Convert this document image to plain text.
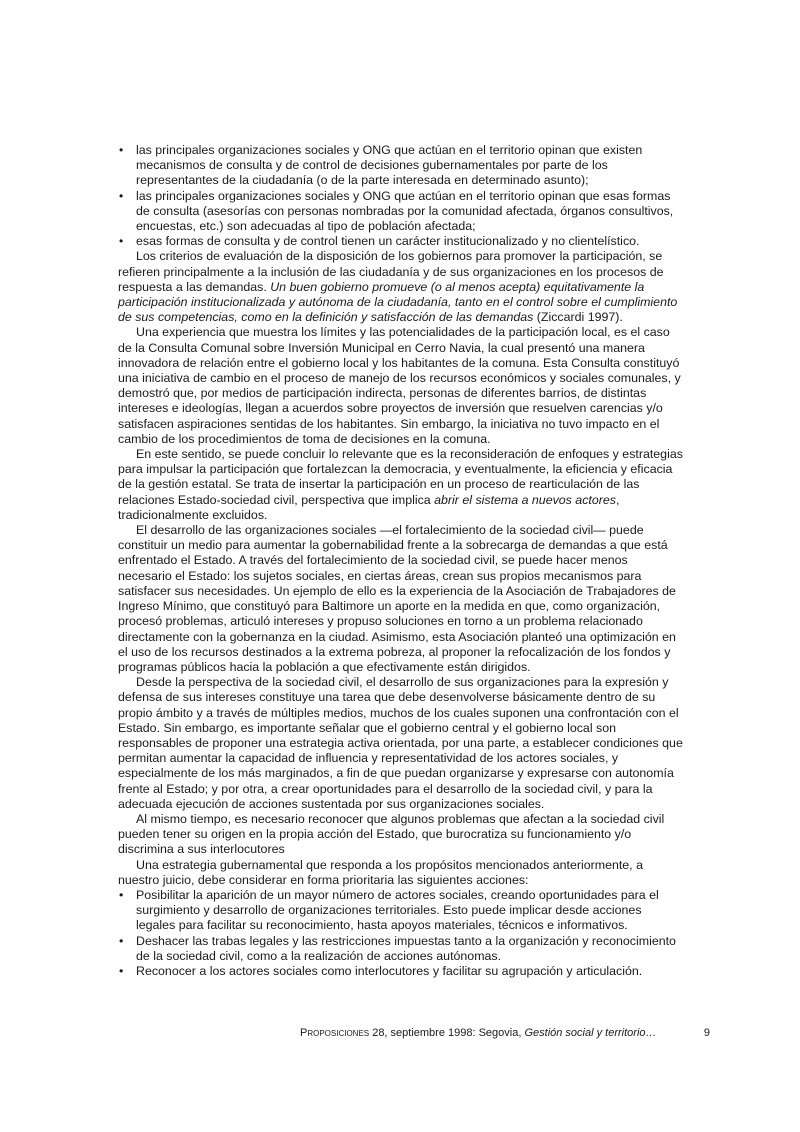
• las principales organizaciones sociales y ONG que actúan en el territorio opinan que existen mecanismos de consulta y de control de decisiones gubernamentales por parte de los representantes de la ciudadanía (o de la parte interesada en determinado asunto);
• las principales organizaciones sociales y ONG que actúan en el territorio opinan que esas formas de consulta (asesorías con personas nombradas por la comunidad afectada, órganos consultivos, encuestas, etc.) son adecuadas al tipo de población afectada;
• esas formas de consulta y de control tienen un carácter institucionalizado y no clientelístico.

Los criterios de evaluación de la disposición de los gobiernos para promover la participación, se refieren principalmente a la inclusión de las ciudadanía y de sus organizaciones en los procesos de respuesta a las demandas. Un buen gobierno promueve (o al menos acepta) equitativamente la participación institucionalizada y autónoma de la ciudadanía, tanto en el control sobre el cumplimiento de sus competencias, como en la definición y satisfacción de las demandas (Ziccardi 1997).

Una experiencia que muestra los límites y las potencialidades de la participación local, es el caso de la Consulta Comunal sobre Inversión Municipal en Cerro Navia, la cual presentó una manera innovadora de relación entre el gobierno local y los habitantes de la comuna. Esta Consulta constituyó una iniciativa de cambio en el proceso de manejo de los recursos económicos y sociales comunales, y demostró que, por medios de participación indirecta, personas de diferentes barrios, de distintas intereses e ideologías, llegan a acuerdos sobre proyectos de inversión que resuelven carencias y/o satisfacen aspiraciones sentidas de los habitantes. Sin embargo, la iniciativa no tuvo impacto en el cambio de los procedimientos de toma de decisiones en la comuna.

En este sentido, se puede concluir lo relevante que es la reconsideración de enfoques y estrategias para impulsar la participación que fortalezcan la democracia, y eventualmente, la eficiencia y eficacia de la gestión estatal. Se trata de insertar la participación en un proceso de rearticulación de las relaciones Estado-sociedad civil, perspectiva que implica abrir el sistema a nuevos actores, tradicionalmente excluidos.

El desarrollo de las organizaciones sociales —el fortalecimiento de la sociedad civil— puede constituir un medio para aumentar la gobernabilidad frente a la sobrecarga de demandas a que está enfrentado el Estado. A través del fortalecimiento de la sociedad civil, se puede hacer menos necesario el Estado: los sujetos sociales, en ciertas áreas, crean sus propios mecanismos para satisfacer sus necesidades. Un ejemplo de ello es la experiencia de la Asociación de Trabajadores de Ingreso Mínimo, que constituyó para Baltimore un aporte en la medida en que, como organización, procesó problemas, articuló intereses y propuso soluciones en torno a un problema relacionado directamente con la gobernanza en la ciudad. Asimismo, esta Asociación planteó una optimización en el uso de los recursos destinados a la extrema pobreza, al proponer la refocalización de los fondos y programas públicos hacia la población a que efectivamente están dirigidos.

Desde la perspectiva de la sociedad civil, el desarrollo de sus organizaciones para la expresión y defensa de sus intereses constituye una tarea que debe desenvolverse básicamente dentro de su propio ámbito y a través de múltiples medios, muchos de los cuales suponen una confrontación con el Estado. Sin embargo, es importante señalar que el gobierno central y el gobierno local son responsables de proponer una estrategia activa orientada, por una parte, a establecer condiciones que permitan aumentar la capacidad de influencia y representatividad de los actores sociales, y especialmente de los más marginados, a fin de que puedan organizarse y expresarse con autonomía frente al Estado; y por otra, a crear oportunidades para el desarrollo de la sociedad civil, y para la adecuada ejecución de acciones sustentada por sus organizaciones sociales.

Al mismo tiempo, es necesario reconocer que algunos problemas que afectan a la sociedad civil pueden tener su origen en la propia acción del Estado, que burocratiza su funcionamiento y/o discrimina a sus interlocutores

Una estrategia gubernamental que responda a los propósitos mencionados anteriormente, a nuestro juicio, debe considerar en forma prioritaria las siguientes acciones:

• Posibilitar la aparición de un mayor número de actores sociales, creando oportunidades para el surgimiento y desarrollo de organizaciones territoriales. Esto puede implicar desde acciones legales para facilitar su reconocimiento, hasta apoyos materiales, técnicos e informativos.
• Deshacer las trabas legales y las restricciones impuestas tanto a la organización y reconocimiento de la sociedad civil, como a la realización de acciones autónomas.
• Reconocer a los actores sociales como interlocutores y facilitar su agrupación y articulación.
Proposiciones 28, septiembre 1998: Segovia, Gestión social y territorio…	9
